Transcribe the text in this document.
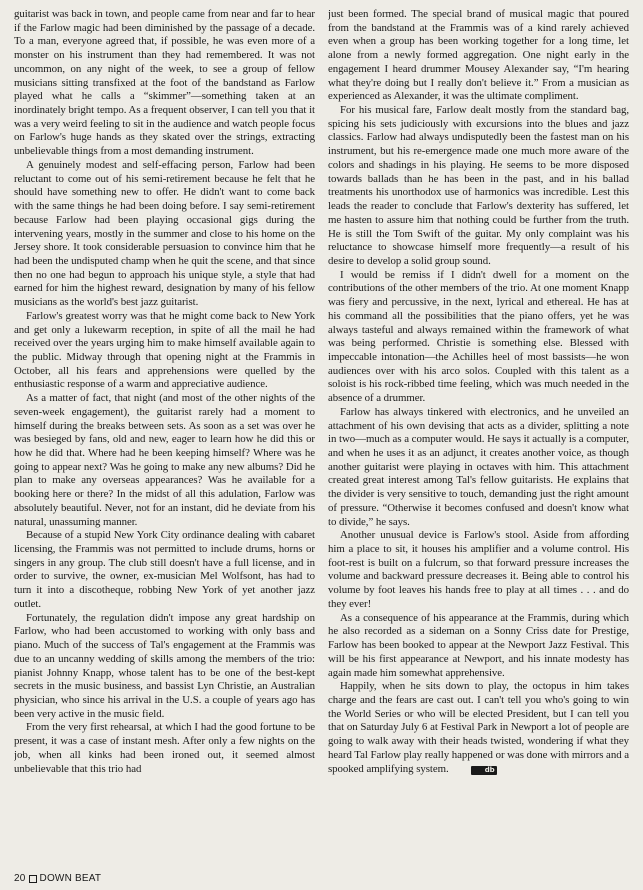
guitarist was back in town, and people came from near and far to hear if the Farlow magic had been diminished by the passage of a decade. To a man, everyone agreed that, if possible, he was even more of a monster on his instrument than they had remembered. It was not uncommon, on any night of the week, to see a group of fellow musicians sitting transfixed at the foot of the bandstand as Farlow played what he calls a “skimmer”—something taken at an inordinately bright tempo. As a frequent observer, I can tell you that it was a very weird feeling to sit in the audience and watch people focus on Farlow's huge hands as they skated over the strings, extracting unbelievable things from a most demanding instrument.

A genuinely modest and self-effacing person, Farlow had been reluctant to come out of his semi-retirement because he felt that he should have something new to offer. He didn't want to come back with the same things he had been doing before. I say semi-retirement because Farlow had been playing occasional gigs during the intervening years, mostly in the summer and close to his home on the Jersey shore. It took considerable persuasion to convince him that he had been the undisputed champ when he quit the scene, and that since then no one had begun to approach his unique style, a style that had earned for him the highest reward, designation by many of his fellow musicians as the world's best jazz guitarist.

Farlow's greatest worry was that he might come back to New York and get only a lukewarm reception, in spite of all the mail he had received over the years urging him to make himself available again to the public. Midway through that opening night at the Frammis in October, all his fears and apprehensions were quelled by the enthusiastic response of a warm and appreciative audience.

As a matter of fact, that night (and most of the other nights of the seven-week engagement), the guitarist rarely had a moment to himself during the breaks between sets. As soon as a set was over he was besieged by fans, old and new, eager to learn how he did this or how he did that. Where had he been keeping himself? Where was he going to appear next? Was he going to make any new albums? Did he plan to make any overseas appearances? Was he available for a booking here or there? In the midst of all this adulation, Farlow was absolutely beautiful. Never, not for an instant, did he deviate from his natural, unassuming manner.

Because of a stupid New York City ordinance dealing with cabaret licensing, the Frammis was not permitted to include drums, horns or singers in any group. The club still doesn't have a full license, and in order to survive, the owner, ex-musician Mel Wolfsont, has had to turn it into a discotheque, robbing New York of yet another jazz outlet.

Fortunately, the regulation didn't impose any great hardship on Farlow, who had been accustomed to working with only bass and piano. Much of the success of Tal's engagement at the Frammis was due to an uncanny wedding of skills among the members of the trio: pianist Johnny Knapp, whose talent has to be one of the best-kept secrets in the music business, and bassist Lyn Christie, an Australian physician, who since his arrival in the U.S. a couple of years ago has been very active in the music field.

From the very first rehearsal, at which I had the good fortune to be present, it was a case of instant mesh. After only a few nights on the job, when all kinks had been ironed out, it seemed almost unbelievable that this trio had

just been formed. The special brand of musical magic that poured from the bandstand at the Frammis was of a kind rarely achieved even when a group has been working together for a long time, let alone from a newly formed aggregation. One night early in the engagement I heard drummer Mousey Alexander say, “I'm hearing what they're doing but I really don't believe it.” From a musician as experienced as Alexander, it was the ultimate compliment.

For his musical fare, Farlow dealt mostly from the standard bag, spicing his sets judiciously with excursions into the blues and jazz classics. Farlow had always undisputedly been the fastest man on his instrument, but his re-emergence made one much more aware of the colors and shadings in his playing. He seems to be more disposed towards ballads than he has been in the past, and in his ballad treatments his unorthodox use of harmonics was incredible. Lest this leads the reader to conclude that Farlow's dexterity has suffered, let me hasten to assure him that nothing could be further from the truth. He is still the Tom Swift of the guitar. My only complaint was his reluctance to showcase himself more frequently—a result of his desire to develop a solid group sound.

I would be remiss if I didn't dwell for a moment on the contributions of the other members of the trio. At one moment Knapp was fiery and percussive, in the next, lyrical and ethereal. He has at his command all the possibilities that the piano offers, yet he was always tasteful and always remained within the framework of what was being performed. Christie is something else. Blessed with impeccable intonation—the Achilles heel of most bassists—he won audiences over with his arco solos. Coupled with this talent as a soloist is his rock-ribbed time feeling, which was much needed in the absence of a drummer.

Farlow has always tinkered with electronics, and he unveiled an attachment of his own devising that acts as a divider, splitting a note in two—much as a computer would. He says it actually is a computer, and when he uses it as an adjunct, it creates another voice, as though another guitarist were playing in octaves with him. This attachment created great interest among Tal's fellow guitarists. He explains that the divider is very sensitive to touch, demanding just the right amount of pressure. “Otherwise it becomes confused and doesn't know what to divide,” he says.

Another unusual device is Farlow's stool. Aside from affording him a place to sit, it houses his amplifier and a volume control. His foot-rest is built on a fulcrum, so that forward pressure increases the volume and backward pressure decreases it. Being able to control his volume by foot leaves his hands free to play at all times . . . and do they ever!

As a consequence of his appearance at the Frammis, during which he also recorded as a sideman on a Sonny Criss date for Prestige, Farlow has been booked to appear at the Newport Jazz Festival. This will be his first appearance at Newport, and his innate modesty has again made him somewhat apprehensive.

Happily, when he sits down to play, the octopus in him takes charge and the fears are cast out. I can't tell you who's going to win the World Series or who will be elected President, but I can tell you that on Saturday July 6 at Festival Park in Newport a lot of people are going to walk away with their heads twisted, wondering if what they heard Tal Farlow play really happened or was done with mirrors and a spooked amplifying system.	db

20 DOWN BEAT
